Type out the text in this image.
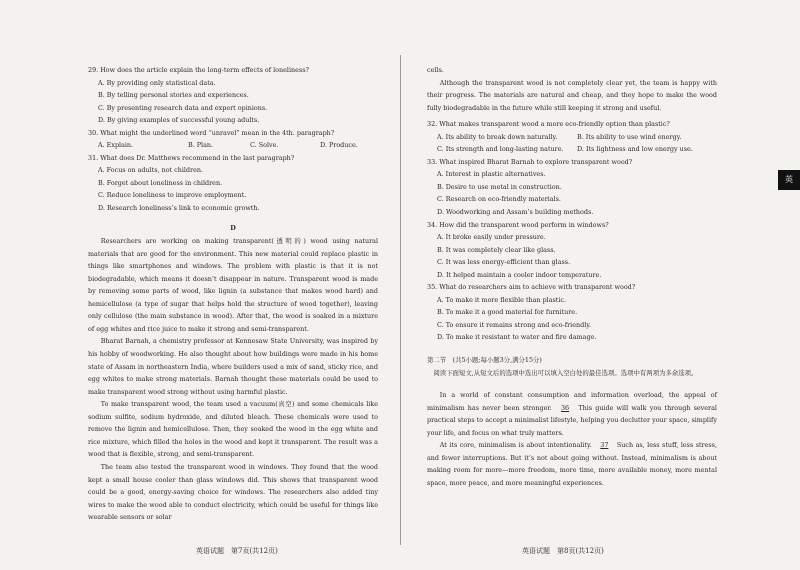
29. How does the article explain the long-term effects of loneliness?
A. By providing only statistical data.
B. By telling personal stories and experiences.
C. By presenting research data and expert opinions.
D. By giving examples of successful young adults.
30. What might the underlined word “unravel” mean in the 4th. paragraph?
A. Explain.	B. Plan.	C. Solve.	D. Produce.
31. What does Dr. Matthews recommend in the last paragraph?
A. Focus on adults, not children.
B. Forget about loneliness in children.
C. Reduce loneliness to improve employment.
D. Research loneliness’s link to economic growth.
D
Researchers are working on making transparent(透明的) wood using natural materials that are good for the environment. This new material could replace plastic in things like smartphones and windows. The problem with plastic is that it is not biodegradable, which means it doesn’t disappear in nature. Transparent wood is made by removing some parts of wood, like lignin (a substance that makes wood hard) and hemicellulose (a type of sugar that helps hold the structure of wood together), leaving only cellulose (the main substance in wood). After that, the wood is soaked in a mixture of egg whites and rice juice to make it strong and semi-transparent.
Bharat Barnah, a chemistry professor at Kennesaw State University, was inspired by his hobby of woodworking. He also thought about how buildings were made in his home state of Assam in northeastern India, where builders used a mix of sand, sticky rice, and egg whites to make strong materials. Barnah thought these materials could be used to make transparent wood strong without using harmful plastic.
To make transparent wood, the team used a vacuum(真空) and some chemicals like sodium sulfite, sodium hydroxide, and diluted bleach. These chemicals were used to remove the lignin and hemicellulose. Then, they soaked the wood in the egg white and rice mixture, which filled the holes in the wood and kept it transparent. The result was a wood that is flexible, strong, and semi-transparent.
The team also tested the transparent wood in windows. They found that the wood kept a small house cooler than glass windows did. This shows that transparent wood could be a good, energy-saving choice for windows. The researchers also added tiny wires to make the wood able to conduct electricity, which could be useful for things like wearable sensors or solar
英语试题　第7页(共12页)
cells.
Although the transparent wood is not completely clear yet, the team is happy with their progress. The materials are natural and cheap, and they hope to make the wood fully biodegradable in the future while still keeping it strong and useful.
32. What makes transparent wood a more eco-friendly option than plastic?
A. Its ability to break down naturally.	B. Its ability to use wind energy.
C. Its strength and long-lasting nature.	D. Its lightness and low energy use.
33. What inspired Bharat Barnah to explore transparent wood?
A. Interest in plastic alternatives.
B. Desire to use metal in construction.
C. Research on eco-friendly materials.
D. Woodworking and Assam’s building methods.
34. How did the transparent wood perform in windows?
A. It broke easily under pressure.
B. It was completely clear like glass.
C. It was less energy-efficient than glass.
D. It helped maintain a cooler indoor temperature.
35. What do researchers aim to achieve with transparent wood?
A. To make it more flexible than plastic.
B. To make it a good material for furniture.
C. To ensure it remains strong and eco-friendly.
D. To make it resistant to water and fire damage.
第二节　(共5小题;每小题3分,满分15分)
阅读下面短文,从短文后的选项中选出可以填入空白处的最佳选项。选项中有两项为多余选项。
In a world of constant consumption and information overload, the appeal of minimalism has never been stronger. 36 This guide will walk you through several practical steps to accept a minimalist lifestyle, helping you declutter your space, simplify your life, and focus on what truly matters.
At its core, minimalism is about intentionality. 37 Such as, less stuff, less stress, and fewer interruptions. But it’s not about going without. Instead, minimalism is about making room for more—more freedom, more time, more available money, more mental space, more peace, and more meaningful experiences.
英语试题　第8页(共12页)
英
